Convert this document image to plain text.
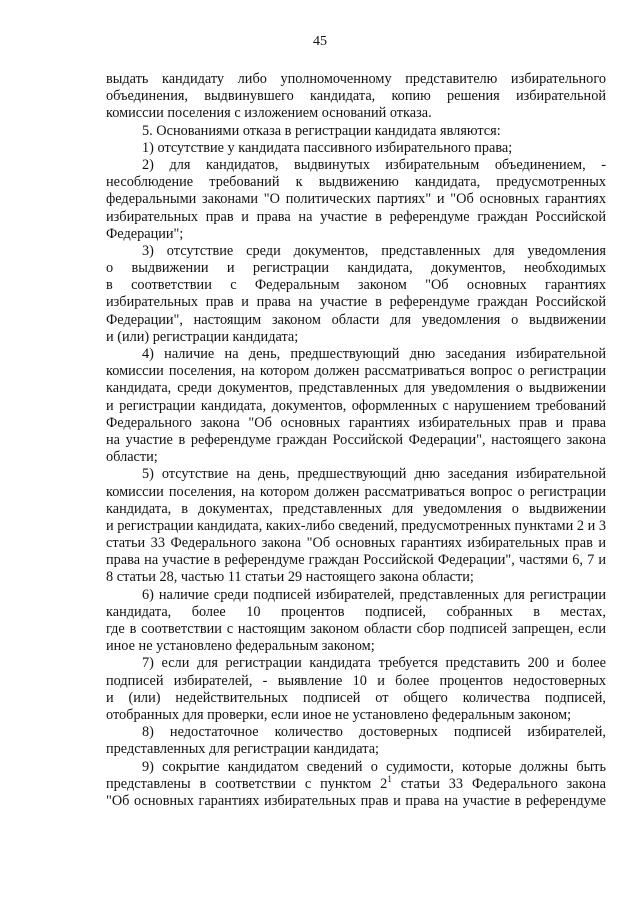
45
выдать кандидату либо уполномоченному представителю избирательного
объединения, выдвинувшего кандидата, копию решения избирательной
комиссии поселения с изложением оснований отказа.
5. Основаниями отказа в регистрации кандидата являются:
1) отсутствие у кандидата пассивного избирательного права;
2) для кандидатов, выдвинутых избирательным объединением, -
несоблюдение требований к выдвижению кандидата, предусмотренных
федеральными законами "О политических партиях" и "Об основных гарантиях
избирательных прав и права на участие в референдуме граждан Российской
Федерации";
3) отсутствие среди документов, представленных для уведомления
о выдвижении и регистрации кандидата, документов, необходимых
в соответствии с Федеральным законом "Об основных гарантиях
избирательных прав и права на участие в референдуме граждан Российской
Федерации", настоящим законом области для уведомления о выдвижении
и (или) регистрации кандидата;
4) наличие на день, предшествующий дню заседания избирательной
комиссии поселения, на котором должен рассматриваться вопрос о регистрации
кандидата, среди документов, представленных для уведомления о выдвижении
и регистрации кандидата, документов, оформленных с нарушением требований
Федерального закона "Об основных гарантиях избирательных прав и права
на участие в референдуме граждан Российской Федерации", настоящего закона
области;
5) отсутствие на день, предшествующий дню заседания избирательной
комиссии поселения, на котором должен рассматриваться вопрос о регистрации
кандидата, в документах, представленных для уведомления о выдвижении
и регистрации кандидата, каких-либо сведений, предусмотренных пунктами 2 и 3
статьи 33 Федерального закона "Об основных гарантиях избирательных прав и
права на участие в референдуме граждан Российской Федерации", частями 6, 7 и
8 статьи 28, частью 11 статьи 29 настоящего закона области;
6) наличие среди подписей избирателей, представленных для регистрации
кандидата, более 10 процентов подписей, собранных в местах,
где в соответствии с настоящим законом области сбор подписей запрещен, если
иное не установлено федеральным законом;
7) если для регистрации кандидата требуется представить 200 и более
подписей избирателей, - выявление 10 и более процентов недостоверных
и (или) недействительных подписей от общего количества подписей,
отобранных для проверки, если иное не установлено федеральным законом;
8) недостаточное количество достоверных подписей избирателей,
представленных для регистрации кандидата;
9) сокрытие кандидатом сведений о судимости, которые должны быть
представлены в соответствии с пунктом $2^1$ статьи 33 Федерального закона
"Об основных гарантиях избирательных прав и права на участие в референдуме
